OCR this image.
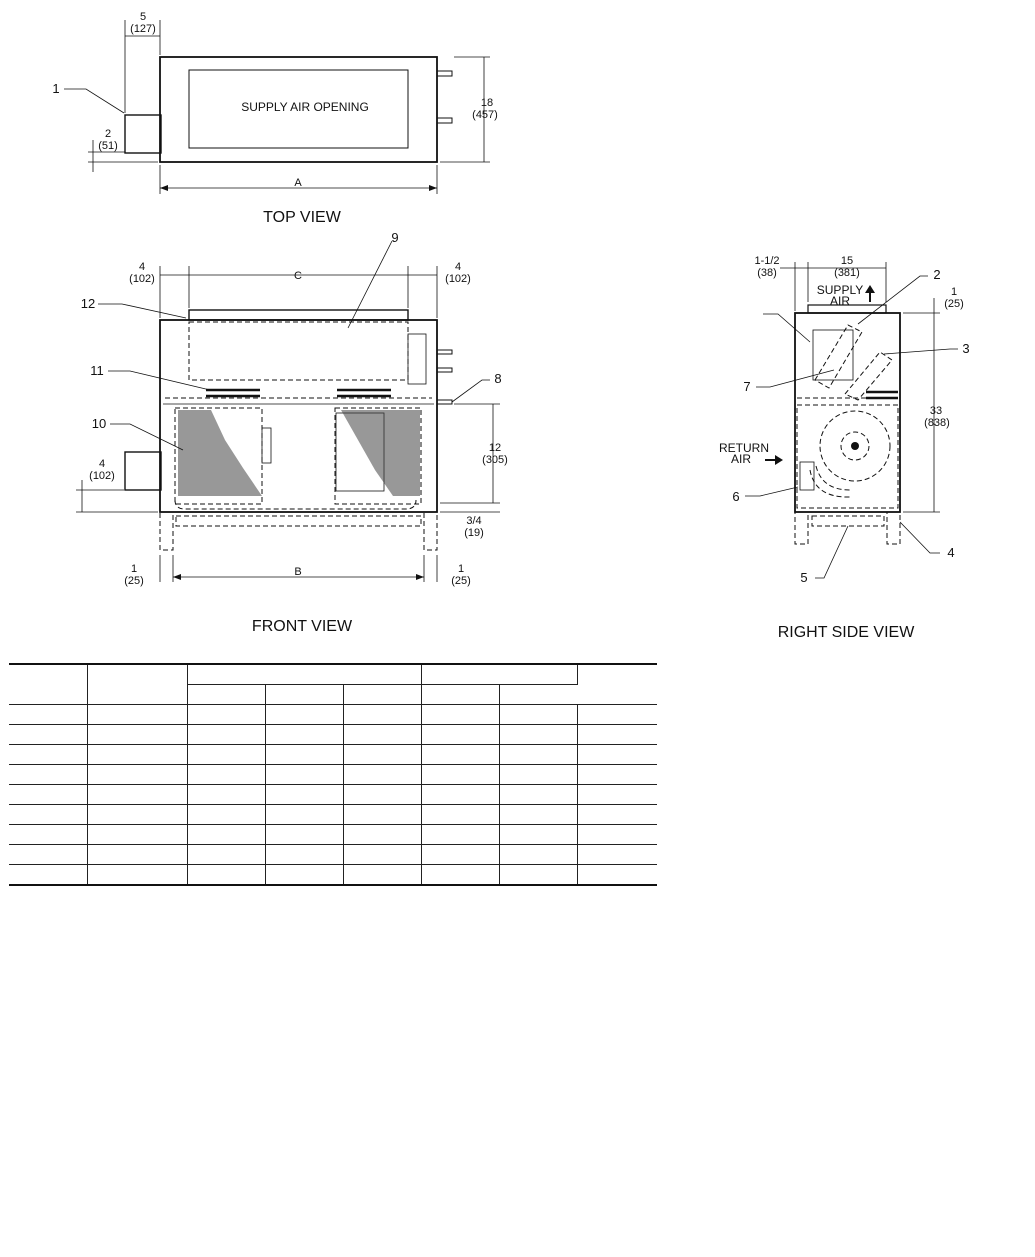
SUPPLY AIR OPENING
5
(127)
2
(51)
18
(457)
A
1
TOP VIEW
4
(102)	C
4
(102)
12
(305)
3/4
(19)
4
(102)
B
1
(25)
1
(25)
9
12
11
8
10
FRONT VIEW
SUPPLY
AIR
RETURN
AIR
1-1/2
(38)
15
(381)
1
(25)
33
(838)
2
3
7
6
4
5
RIGHT SIDE VIEW
